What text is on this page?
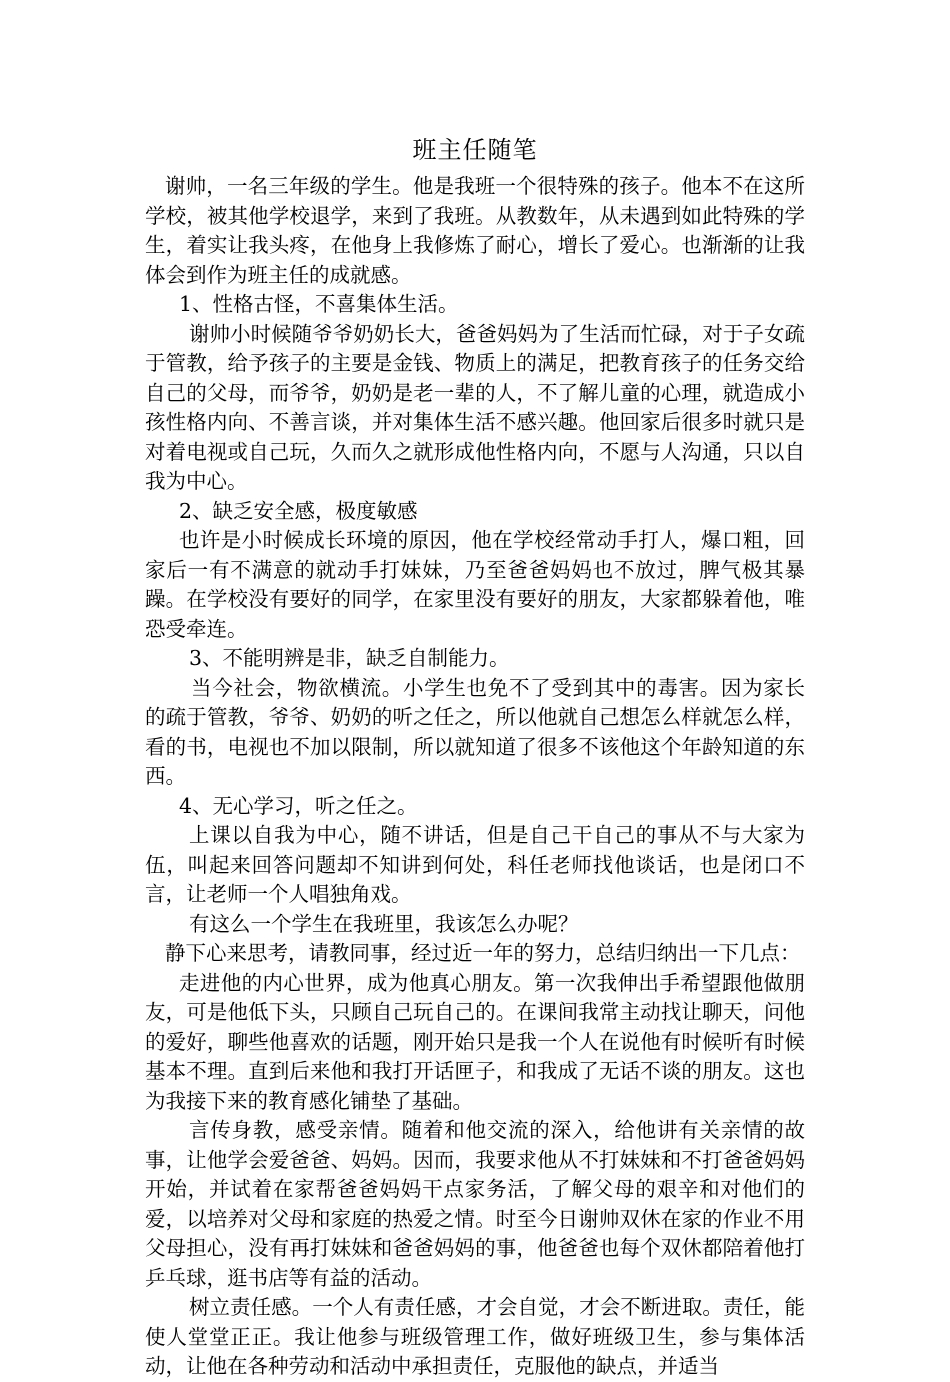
班主任随笔

谢帅，一名三年级的学生。他是我班一个很特殊的孩子。他本不在这所学校，被其他学校退学，来到了我班。从教数年，从未遇到如此特殊的学生，着实让我头疼，在他身上我修炼了耐心，增长了爱心。也渐渐的让我体会到作为班主任的成就感。

1、性格古怪，不喜集体生活。

谢帅小时候随爷爷奶奶长大，爸爸妈妈为了生活而忙碌，对于子女疏于管教，给予孩子的主要是金钱、物质上的满足，把教育孩子的任务交给自己的父母，而爷爷，奶奶是老一辈的人，不了解儿童的心理，就造成小孩性格内向、不善言谈，并对集体生活不感兴趣。他回家后很多时就只是对着电视或自己玩，久而久之就形成他性格内向，不愿与人沟通，只以自我为中心。

2、缺乏安全感，极度敏感

也许是小时候成长环境的原因，他在学校经常动手打人，爆口粗，回家后一有不满意的就动手打妹妹，乃至爸爸妈妈也不放过，脾气极其暴躁。在学校没有要好的同学，在家里没有要好的朋友，大家都躲着他，唯恐受牵连。

3、不能明辨是非，缺乏自制能力。

当今社会，物欲横流。小学生也免不了受到其中的毒害。因为家长的疏于管教，爷爷、奶奶的听之任之，所以他就自己想怎么样就怎么样，看的书，电视也不加以限制，所以就知道了很多不该他这个年龄知道的东西。

4、无心学习，听之任之。

上课以自我为中心，随不讲话，但是自己干自己的事从不与大家为伍，叫起来回答问题却不知讲到何处，科任老师找他谈话，也是闭口不言，让老师一个人唱独角戏。

有这么一个学生在我班里，我该怎么办呢？

静下心来思考，请教同事，经过近一年的努力，总结归纳出一下几点：

走进他的内心世界，成为他真心朋友。第一次我伸出手希望跟他做朋友，可是他低下头，只顾自己玩自己的。在课间我常主动找让聊天，问他的爱好，聊些他喜欢的话题，刚开始只是我一个人在说他有时候听有时候基本不理。直到后来他和我打开话匣子，和我成了无话不谈的朋友。这也为我接下来的教育感化铺垫了基础。

言传身教，感受亲情。随着和他交流的深入，给他讲有关亲情的故事，让他学会爱爸爸、妈妈。因而，我要求他从不打妹妹和不打爸爸妈妈开始，并试着在家帮爸爸妈妈干点家务活，了解父母的艰辛和对他们的爱，以培养对父母和家庭的热爱之情。时至今日谢帅双休在家的作业不用父母担心，没有再打妹妹和爸爸妈妈的事，他爸爸也每个双休都陪着他打乒乓球，逛书店等有益的活动。

树立责任感。一个人有责任感，才会自觉，才会不断进取。责任，能使人堂堂正正。我让他参与班级管理工作，做好班级卫生，参与集体活动，让他在各种劳动和活动中承担责任，克服他的缺点，并适当
